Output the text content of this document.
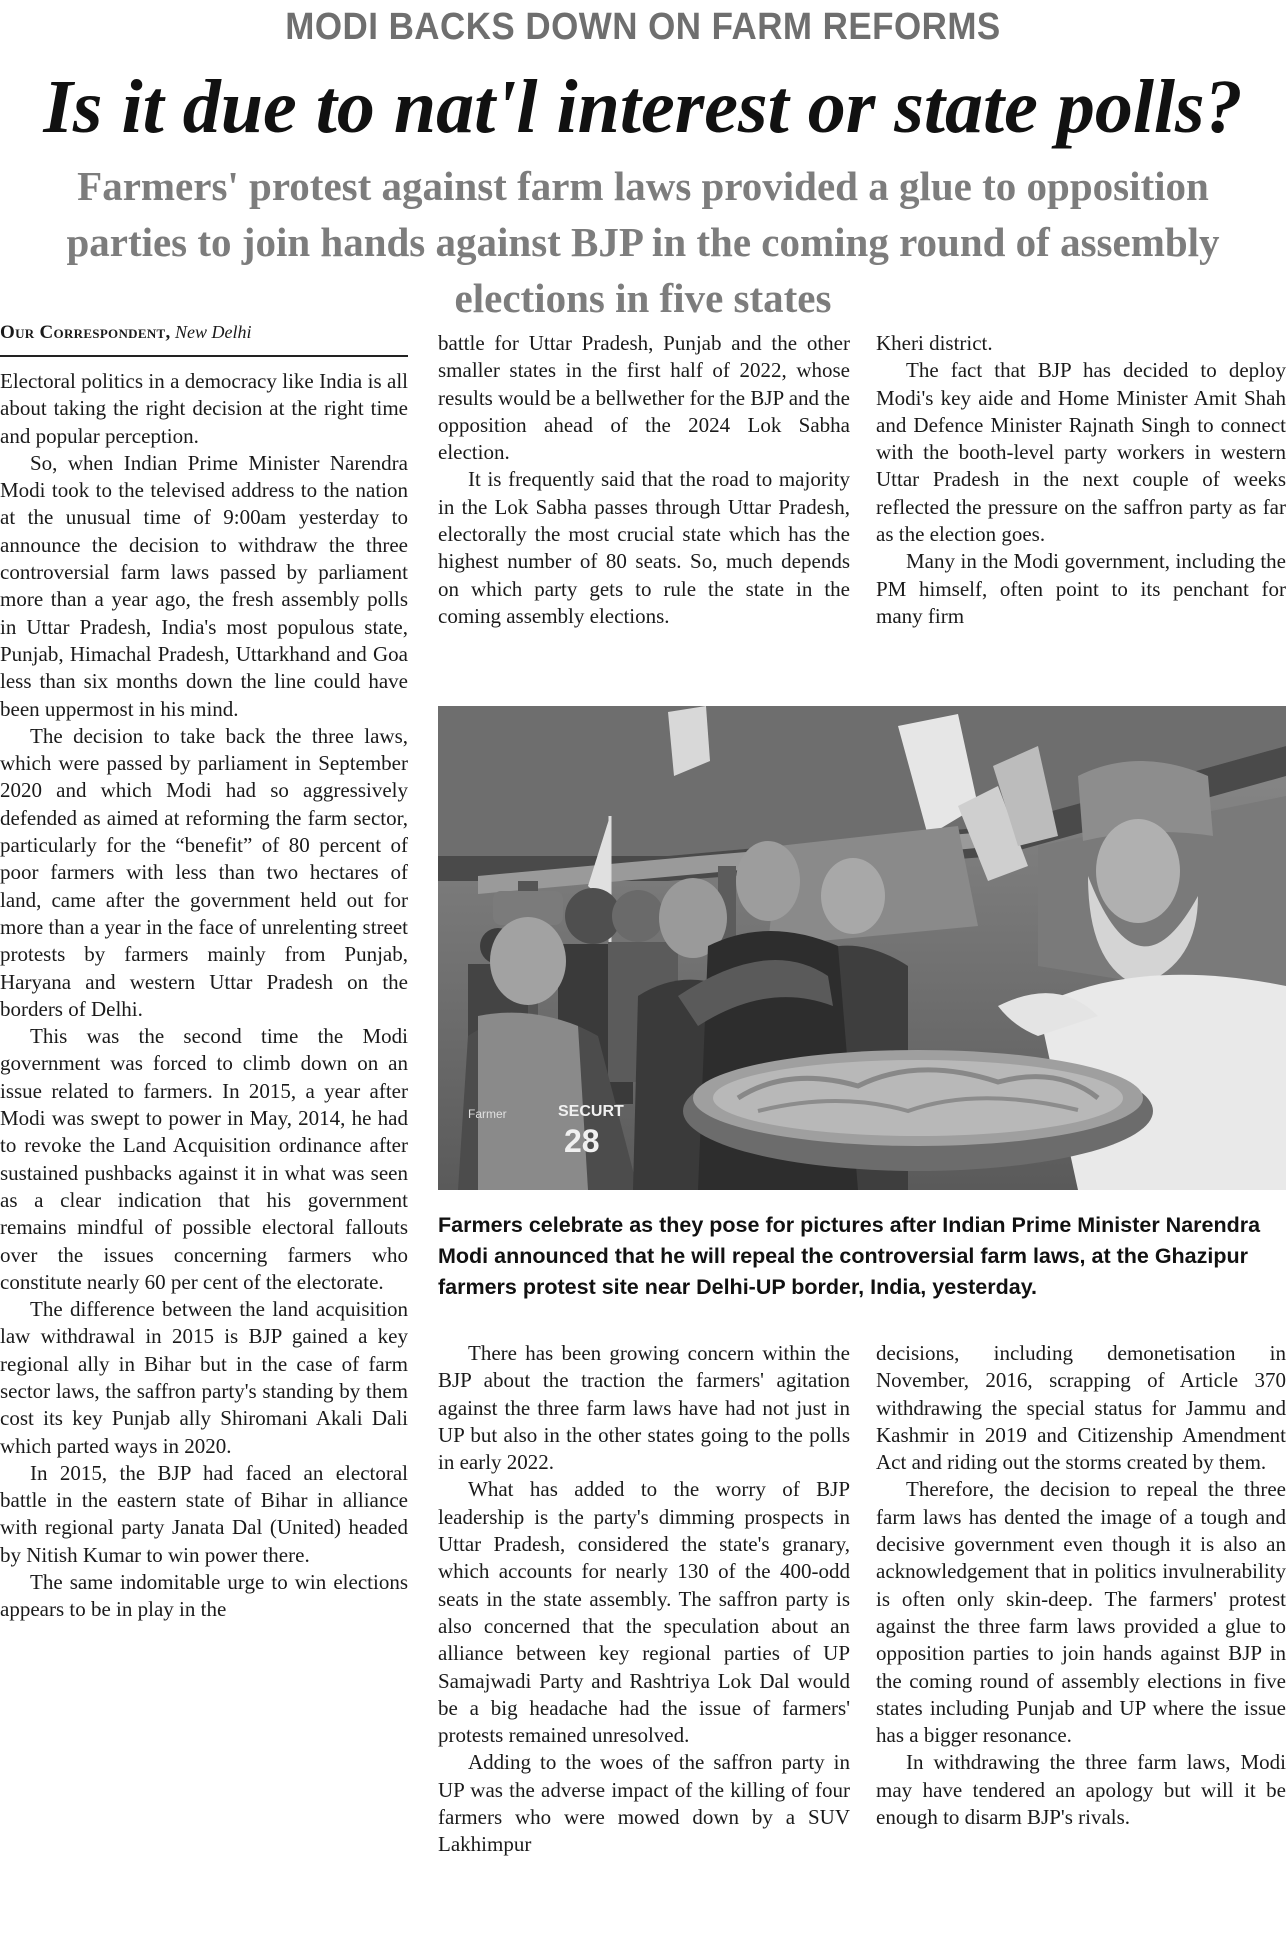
MODI BACKS DOWN ON FARM REFORMS
Is it due to nat'l interest or state polls?
Farmers' protest against farm laws provided a glue to opposition parties to join hands against BJP in the coming round of assembly elections in five states
Our Correspondent, New Delhi

Electoral politics in a democracy like India is all about taking the right decision at the right time and popular perception.

So, when Indian Prime Minister Narendra Modi took to the televised address to the nation at the unusual time of 9:00am yesterday to announce the decision to withdraw the three controversial farm laws passed by parliament more than a year ago, the fresh assembly polls in Uttar Pradesh, India's most populous state, Punjab, Himachal Pradesh, Uttarkhand and Goa less than six months down the line could have been uppermost in his mind.

The decision to take back the three laws, which were passed by parliament in September 2020 and which Modi had so aggressively defended as aimed at reforming the farm sector, particularly for the “benefit” of 80 percent of poor farmers with less than two hectares of land, came after the government held out for more than a year in the face of unrelenting street protests by farmers mainly from Punjab, Haryana and western Uttar Pradesh on the borders of Delhi.

This was the second time the Modi government was forced to climb down on an issue related to farmers. In 2015, a year after Modi was swept to power in May, 2014, he had to revoke the Land Acquisition ordinance after sustained pushbacks against it in what was seen as a clear indication that his government remains mindful of possible electoral fallouts over the issues concerning farmers who constitute nearly 60 per cent of the electorate.

The difference between the land acquisition law withdrawal in 2015 is BJP gained a key regional ally in Bihar but in the case of farm sector laws, the saffron party's standing by them cost its key Punjab ally Shiromani Akali Dali which parted ways in 2020.

In 2015, the BJP had faced an electoral battle in the eastern state of Bihar in alliance with regional party Janata Dal (United) headed by Nitish Kumar to win power there.

The same indomitable urge to win elections appears to be in play in the

battle for Uttar Pradesh, Punjab and the other smaller states in the first half of 2022, whose results would be a bellwether for the BJP and the opposition ahead of the 2024 Lok Sabha election.

It is frequently said that the road to majority in the Lok Sabha passes through Uttar Pradesh, electorally the most crucial state which has the highest number of 80 seats. So, much depends on which party gets to rule the state in the coming assembly elections.

Kheri district.

The fact that BJP has decided to deploy Modi's key aide and Home Minister Amit Shah and Defence Minister Rajnath Singh to connect with the booth-level party workers in western Uttar Pradesh in the next couple of weeks reflected the pressure on the saffron party as far as the election goes.

Many in the Modi government, including the PM himself, often point to its penchant for many firm

SECURT
28
Farmer
Farmers celebrate as they pose for pictures after Indian Prime Minister Narendra Modi announced that he will repeal the controversial farm laws, at the Ghazipur farmers protest site near Delhi-UP border, India, yesterday.

There has been growing concern within the BJP about the traction the farmers' agitation against the three farm laws have had not just in UP but also in the other states going to the polls in early 2022.

What has added to the worry of BJP leadership is the party's dimming prospects in Uttar Pradesh, considered the state's granary, which accounts for nearly 130 of the 400-odd seats in the state assembly. The saffron party is also concerned that the speculation about an alliance between key regional parties of UP Samajwadi Party and Rashtriya Lok Dal would be a big headache had the issue of farmers' protests remained unresolved.

Adding to the woes of the saffron party in UP was the adverse impact of the killing of four farmers who were mowed down by a SUV Lakhimpur

decisions, including demonetisation in November, 2016, scrapping of Article 370 withdrawing the special status for Jammu and Kashmir in 2019 and Citizenship Amendment Act and riding out the storms created by them.

Therefore, the decision to repeal the three farm laws has dented the image of a tough and decisive government even though it is also an acknowledgement that in politics invulnerability is often only skin-deep. The farmers' protest against the three farm laws provided a glue to opposition parties to join hands against BJP in the coming round of assembly elections in five states including Punjab and UP where the issue has a bigger resonance.

In withdrawing the three farm laws, Modi may have tendered an apology but will it be enough to disarm BJP's rivals.
